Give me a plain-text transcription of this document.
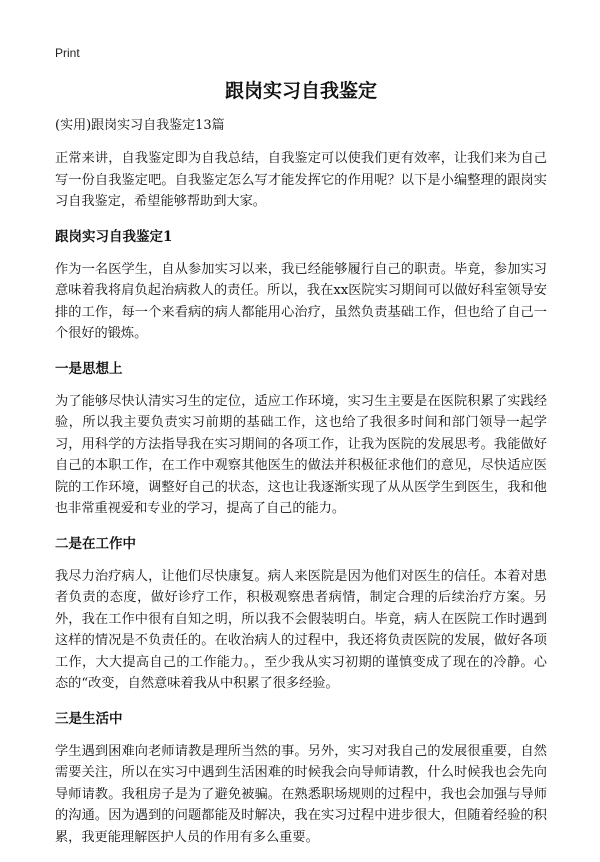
Print
跟岗实习自我鉴定
(实用)跟岗实习自我鉴定13篇

正常来讲，自我鉴定即为自我总结，自我鉴定可以使我们更有效率，让我们来为自己写一份自我鉴定吧。自我鉴定怎么写才能发挥它的作用呢？以下是小编整理的跟岗实习自我鉴定，希望能够帮助到大家。

跟岗实习自我鉴定1

作为一名医学生，自从参加实习以来，我已经能够履行自己的职责。毕竟，参加实习意味着我将肩负起治病救人的责任。所以，我在xx医院实习期间可以做好科室领导安排的工作，每一个来看病的病人都能用心治疗，虽然负责基础工作，但也给了自己一个很好的锻炼。

一是思想上

为了能够尽快认清实习生的定位，适应工作环境，实习生主要是在医院积累了实践经验，所以我主要负责实习前期的基础工作，这也给了我很多时间和部门领导一起学习，用科学的方法指导我在实习期间的各项工作，让我为医院的发展思考。我能做好自己的本职工作，在工作中观察其他医生的做法并积极征求他们的意见，尽快适应医院的工作环境，调整好自己的状态，这也让我逐渐实现了从从医学生到医生，我和他也非常重视爱和专业的学习，提高了自己的能力。

二是在工作中

我尽力治疗病人，让他们尽快康复。病人来医院是因为他们对医生的信任。本着对患者负责的态度，做好诊疗工作，积极观察患者病情，制定合理的后续治疗方案。另外，我在工作中很有自知之明，所以我不会假装明白。毕竟，病人在医院工作时遇到这样的情况是不负责任的。在收治病人的过程中，我还将负责医院的发展，做好各项工作，大大提高自己的工作能力。，至少我从实习初期的谨慎变成了现在的冷静。心态的“改变，自然意味着我从中积累了很多经验。

三是生活中

学生遇到困难向老师请教是理所当然的事。另外，实习对我自己的发展很重要，自然需要关注，所以在实习中遇到生活困难的时候我会向导师请教，什么时候我也会先向导师请教。我租房子是为了避免被骗。在熟悉职场规则的过程中，我也会加强与导师的沟通。因为遇到的问题都能及时解决，我在实习过程中进步很大，但随着经验的积累，我更能理解医护人员的作用有多么重要。
